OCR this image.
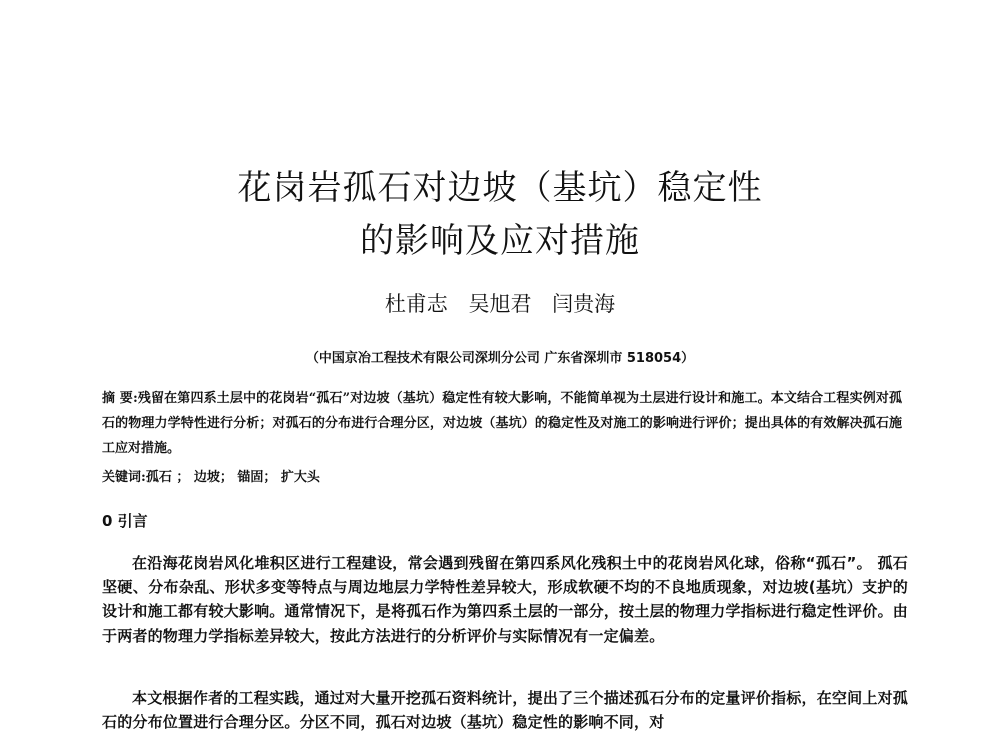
花岗岩孤石对边坡（基坑）稳定性
的影响及应对措施
杜甫志 吴旭君 闫贵海
（中国京冶工程技术有限公司深圳分公司 广东省深圳市 518054）

摘 要:残留在第四系土层中的花岗岩“孤石”对边坡（基坑）稳定性有较大影响，不能简单视为土层进行设计和施工。本文结合工程实例对孤石的物理力学特性进行分析；对孤石的分布进行合理分区，对边坡（基坑）的稳定性及对施工的影响进行评价；提出具体的有效解决孤石施工应对措施。

关键词:孤石 ； 边坡； 锚固； 扩大头

0 引言

在沿海花岗岩风化堆积区进行工程建设，常会遇到残留在第四系风化残积土中的花岗岩风化球，俗称“孤石”。 孤石坚硬、分布杂乱、形状多变等特点与周边地层力学特性差异较大，形成软硬不均的不良地质现象，对边坡(基坑）支护的设计和施工都有较大影响。通常情况下，是将孤石作为第四系土层的一部分，按土层的物理力学指标进行稳定性评价。由于两者的物理力学指标差异较大，按此方法进行的分析评价与实际情况有一定偏差。

本文根据作者的工程实践，通过对大量开挖孤石资料统计，提出了三个描述孤石分布的定量评价指标，在空间上对孤石的分布位置进行合理分区。分区不同，孤石对边坡（基坑）稳定性的影响不同，对
